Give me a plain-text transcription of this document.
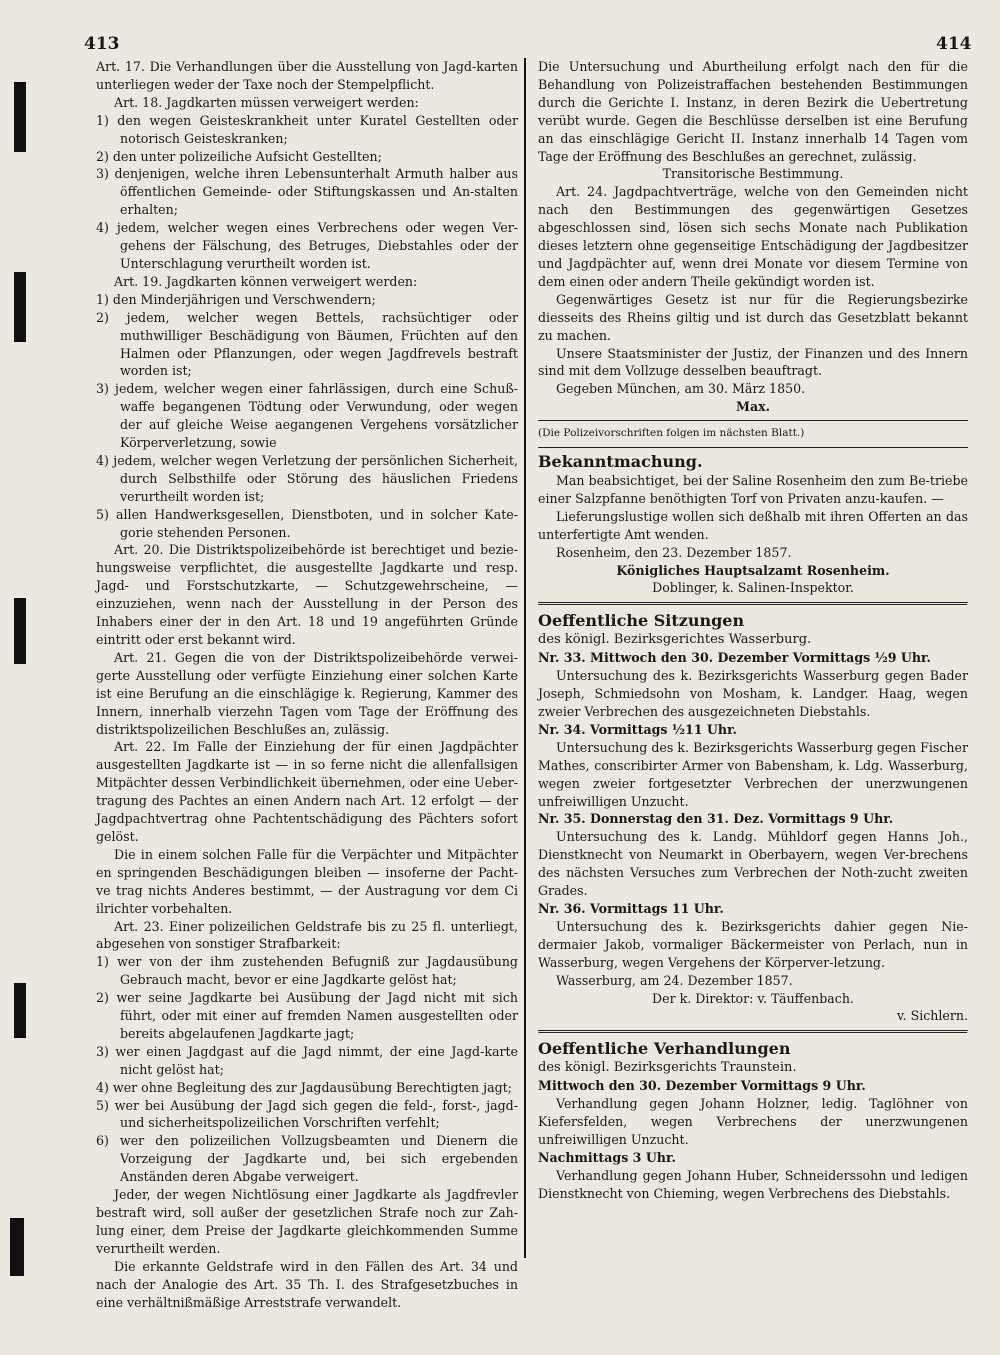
413	414

Art. 17. Die Verhandlungen über die Ausstellung von Jagd-karten unterliegen weder der Taxe noch der Stempelpflicht.

Art. 18. Jagdkarten müssen verweigert werden:

1) den wegen Geisteskrankheit unter Kuratel Gestellten oder notorisch Geisteskranken;

2) den unter polizeiliche Aufsicht Gestellten;

3) denjenigen, welche ihren Lebensunterhalt Armuth halber aus öffentlichen Gemeinde- oder Stiftungskassen und An-stalten erhalten;

4) jedem, welcher wegen eines Verbrechens oder wegen Ver-gehens der Fälschung, des Betruges, Diebstahles oder der Unterschlagung verurtheilt worden ist.

Art. 19. Jagdkarten können verweigert werden:

1) den Minderjährigen und Verschwendern;

2) jedem, welcher wegen Bettels, rachsüchtiger oder muthwilliger Beschädigung von Bäumen, Früchten auf den Halmen oder Pflanzungen, oder wegen Jagdfrevels bestraft worden ist;

3) jedem, welcher wegen einer fahrlässigen, durch eine Schuß-waffe begangenen Tödtung oder Verwundung, oder wegen der auf gleiche Weise aegangenen Vergehens vorsätzlicher Körperverletzung, sowie

4) jedem, welcher wegen Verletzung der persönlichen Sicherheit, durch Selbsthilfe oder Störung des häuslichen Friedens verurtheilt worden ist;

5) allen Handwerksgesellen, Dienstboten, und in solcher Kate-gorie stehenden Personen.

Art. 20. Die Distriktspolizeibehörde ist berechtiget und bezie-hungsweise verpflichtet, die ausgestellte Jagdkarte und resp. Jagd- und Forstschutzkarte, — Schutzgewehrscheine, — einzuziehen, wenn nach der Ausstellung in der Person des Inhabers einer der in den Art. 18 und 19 angeführten Gründe eintritt oder erst bekannt wird.

Art. 21. Gegen die von der Distriktspolizeibehörde verwei-gerte Ausstellung oder verfügte Einziehung einer solchen Karte ist eine Berufung an die einschlägige k. Regierung, Kammer des Innern, innerhalb vierzehn Tagen vom Tage der Eröffnung des distriktspolizeilichen Beschlußes an, zulässig.

Art. 22. Im Falle der Einziehung der für einen Jagdpächter ausgestellten Jagdkarte ist — in so ferne nicht die allenfallsigen Mitpächter dessen Verbindlichkeit übernehmen, oder eine Ueber-tragung des Pachtes an einen Andern nach Art. 12 erfolgt — der Jagdpachtvertrag ohne Pachtentschädigung des Pächters sofort gelöst.

Die in einem solchen Falle für die Verpächter und Mitpächter en springenden Beschädigungen bleiben — insoferne der Pacht-ve trag nichts Anderes bestimmt, — der Austragung vor dem Ci ilrichter vorbehalten.

Art. 23. Einer polizeilichen Geldstrafe bis zu 25 fl. unterliegt, abgesehen von sonstiger Strafbarkeit:

1) wer von der ihm zustehenden Befugniß zur Jagdausübung Gebrauch macht, bevor er eine Jagdkarte gelöst hat;

2) wer seine Jagdkarte bei Ausübung der Jagd nicht mit sich führt, oder mit einer auf fremden Namen ausgestellten oder bereits abgelaufenen Jagdkarte jagt;

3) wer einen Jagdgast auf die Jagd nimmt, der eine Jagd-karte nicht gelöst hat;

4) wer ohne Begleitung des zur Jagdausübung Berechtigten jagt;

5) wer bei Ausübung der Jagd sich gegen die feld-, forst-, jagd- und sicherheitspolizeilichen Vorschriften verfehlt;

6) wer den polizeilichen Vollzugsbeamten und Dienern die Vorzeigung der Jagdkarte und, bei sich ergebenden Anständen deren Abgabe verweigert.

Jeder, der wegen Nichtlösung einer Jagdkarte als Jagdfrevler bestraft wird, soll außer der gesetzlichen Strafe noch zur Zah-lung einer, dem Preise der Jagdkarte gleichkommenden Summe verurtheilt werden.

Die erkannte Geldstrafe wird in den Fällen des Art. 34 und nach der Analogie des Art. 35 Th. I. des Strafgesetzbuches in eine verhältnißmäßige Arreststrafe verwandelt.

Die Untersuchung und Aburtheilung erfolgt nach den für die Behandlung von Polizeistraffachen bestehenden Bestimmungen durch die Gerichte I. Instanz, in deren Bezirk die Uebertretung verübt wurde. Gegen die Beschlüsse derselben ist eine Berufung an das einschlägige Gericht II. Instanz innerhalb 14 Tagen vom Tage der Eröffnung des Beschlußes an gerechnet, zulässig.

Transitorische Bestimmung.

Art. 24. Jagdpachtverträge, welche von den Gemeinden nicht nach den Bestimmungen des gegenwärtigen Gesetzes abgeschlossen sind, lösen sich sechs Monate nach Publikation dieses letztern ohne gegenseitige Entschädigung der Jagdbesitzer und Jagdpächter auf, wenn drei Monate vor diesem Termine von dem einen oder andern Theile gekündigt worden ist.

Gegenwärtiges Gesetz ist nur für die Regierungsbezirke diesseits des Rheins giltig und ist durch das Gesetzblatt bekannt zu machen.

Unsere Staatsminister der Justiz, der Finanzen und des Innern sind mit dem Vollzuge desselben beauftragt.

Gegeben München, am 30. März 1850.

Max.

(Die Polizeivorschriften folgen im nächsten Blatt.)

Bekanntmachung.

Man beabsichtiget, bei der Saline Rosenheim den zum Be-triebe einer Salzpfanne benöthigten Torf von Privaten anzu-kaufen. —

Lieferungslustige wollen sich deßhalb mit ihren Offerten an das unterfertigte Amt wenden.

Rosenheim, den 23. Dezember 1857.

Königliches Hauptsalzamt Rosenheim.

Doblinger, k. Salinen-Inspektor.

Oeffentliche Sitzungen

des königl. Bezirksgerichtes Wasserburg.

Nr. 33. Mittwoch den 30. Dezember Vormittags ½9 Uhr.

Untersuchung des k. Bezirksgerichts Wasserburg gegen Bader Joseph, Schmiedsohn von Mosham, k. Landger. Haag, wegen zweier Verbrechen des ausgezeichneten Diebstahls.

Nr. 34. Vormittags ½11 Uhr.

Untersuchung des k. Bezirksgerichts Wasserburg gegen Fischer Mathes, conscribirter Armer von Babensham, k. Ldg. Wasserburg, wegen zweier fortgesetzter Verbrechen der unerzwungenen unfreiwilligen Unzucht.

Nr. 35. Donnerstag den 31. Dez. Vormittags 9 Uhr.

Untersuchung des k. Landg. Mühldorf gegen Hanns Joh., Dienstknecht von Neumarkt in Oberbayern, wegen Ver-brechens des nächsten Versuches zum Verbrechen der Noth-zucht zweiten Grades.

Nr. 36. Vormittags 11 Uhr.

Untersuchung des k. Bezirksgerichts dahier gegen Nie-dermaier Jakob, vormaliger Bäckermeister von Perlach, nun in Wasserburg, wegen Vergehens der Körperver-letzung.

Wasserburg, am 24. Dezember 1857.

Der k. Direktor: v. Täuffenbach.

v. Sichlern.

Oeffentliche Verhandlungen

des königl. Bezirksgerichts Traunstein.

Mittwoch den 30. Dezember Vormittags 9 Uhr.

Verhandlung gegen Johann Holzner, ledig. Taglöhner von Kiefersfelden, wegen Verbrechens der unerzwungenen unfreiwilligen Unzucht.

Nachmittags 3 Uhr.

Verhandlung gegen Johann Huber, Schneiderssohn und ledigen Dienstknecht von Chieming, wegen Verbrechens des Diebstahls.
